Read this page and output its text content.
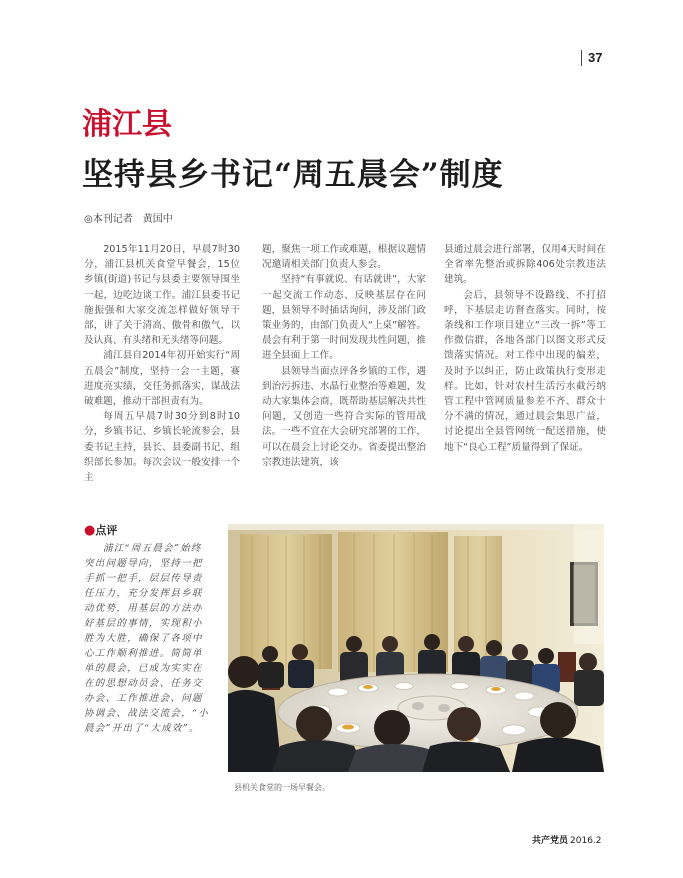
37
浦江县
坚持县乡书记“周五晨会”制度
◎本刊记者 黄国中

2015年11月20日，早晨7时30分，浦江县机关食堂早餐会，15位乡镇(街道)书记与县委主要领导围坐一起，边吃边谈工作。浦江县委书记施振强和大家交流怎样做好领导干部，讲了关于清高、傲骨和傲气，以及认真、有头绪和无头绪等问题。

浦江县自2014年初开始实行“周五晨会”制度，坚持一会一主题，赛进度亮实绩，交任务抓落实，谋战法破难题，推动干部担责有为。

每周五早晨7时30分到8时10分，乡镇书记、乡镇长轮流参会，县委书记主持，县长、县委副书记、组织部长参加。每次会议一般安排一个主

题，聚焦一项工作或难题，根据议题情况邀请相关部门负责人参会。

坚持“有事就说、有话就讲”，大家一起交流工作动态、反映基层存在问题，县领导不时插话询问，涉及部门政策业务的，由部门负责人“上桌”解答。晨会有利于第一时间发现共性问题，推进全县面上工作。

县领导当面点评各乡镇的工作，遇到治污拆违、水晶行业整治等难题，发动大家集体会商，既帮助基层解决共性问题，又创造一些符合实际的管用战法。一些不宜在大会研究部署的工作，可以在晨会上讨论交办。省委提出整治宗教违法建筑，该

县通过晨会进行部署，仅用4天时间在全省率先整治或拆除406处宗教违法建筑。

会后，县领导不设路线、不打招呼，下基层走访督查落实。同时，按条线和工作项目建立“三改一拆”等工作微信群，各地各部门以图文形式反馈落实情况。对工作中出现的偏差，及时予以纠正，防止政策执行变形走样。比如，针对农村生活污水截污纳管工程中管网质量参差不齐、群众十分不满的情况，通过晨会集思广益，讨论提出全县管网统一配送措施，使地下“良心工程”质量得到了保证。

●点评

浦江“周五晨会”始终突出问题导向，坚持一把手抓一把手，层层传导责任压力，充分发挥县乡联动优势，用基层的方法办好基层的事情，实现积小胜为大胜，确保了各项中心工作顺利推进。简简单单的晨会，已成为实实在在的思想动员会、任务交办会、工作推进会、问题协调会、战法交流会，“小晨会”开出了“大成效”。

县机关食堂的一场早餐会。
共产党员 2016.2
